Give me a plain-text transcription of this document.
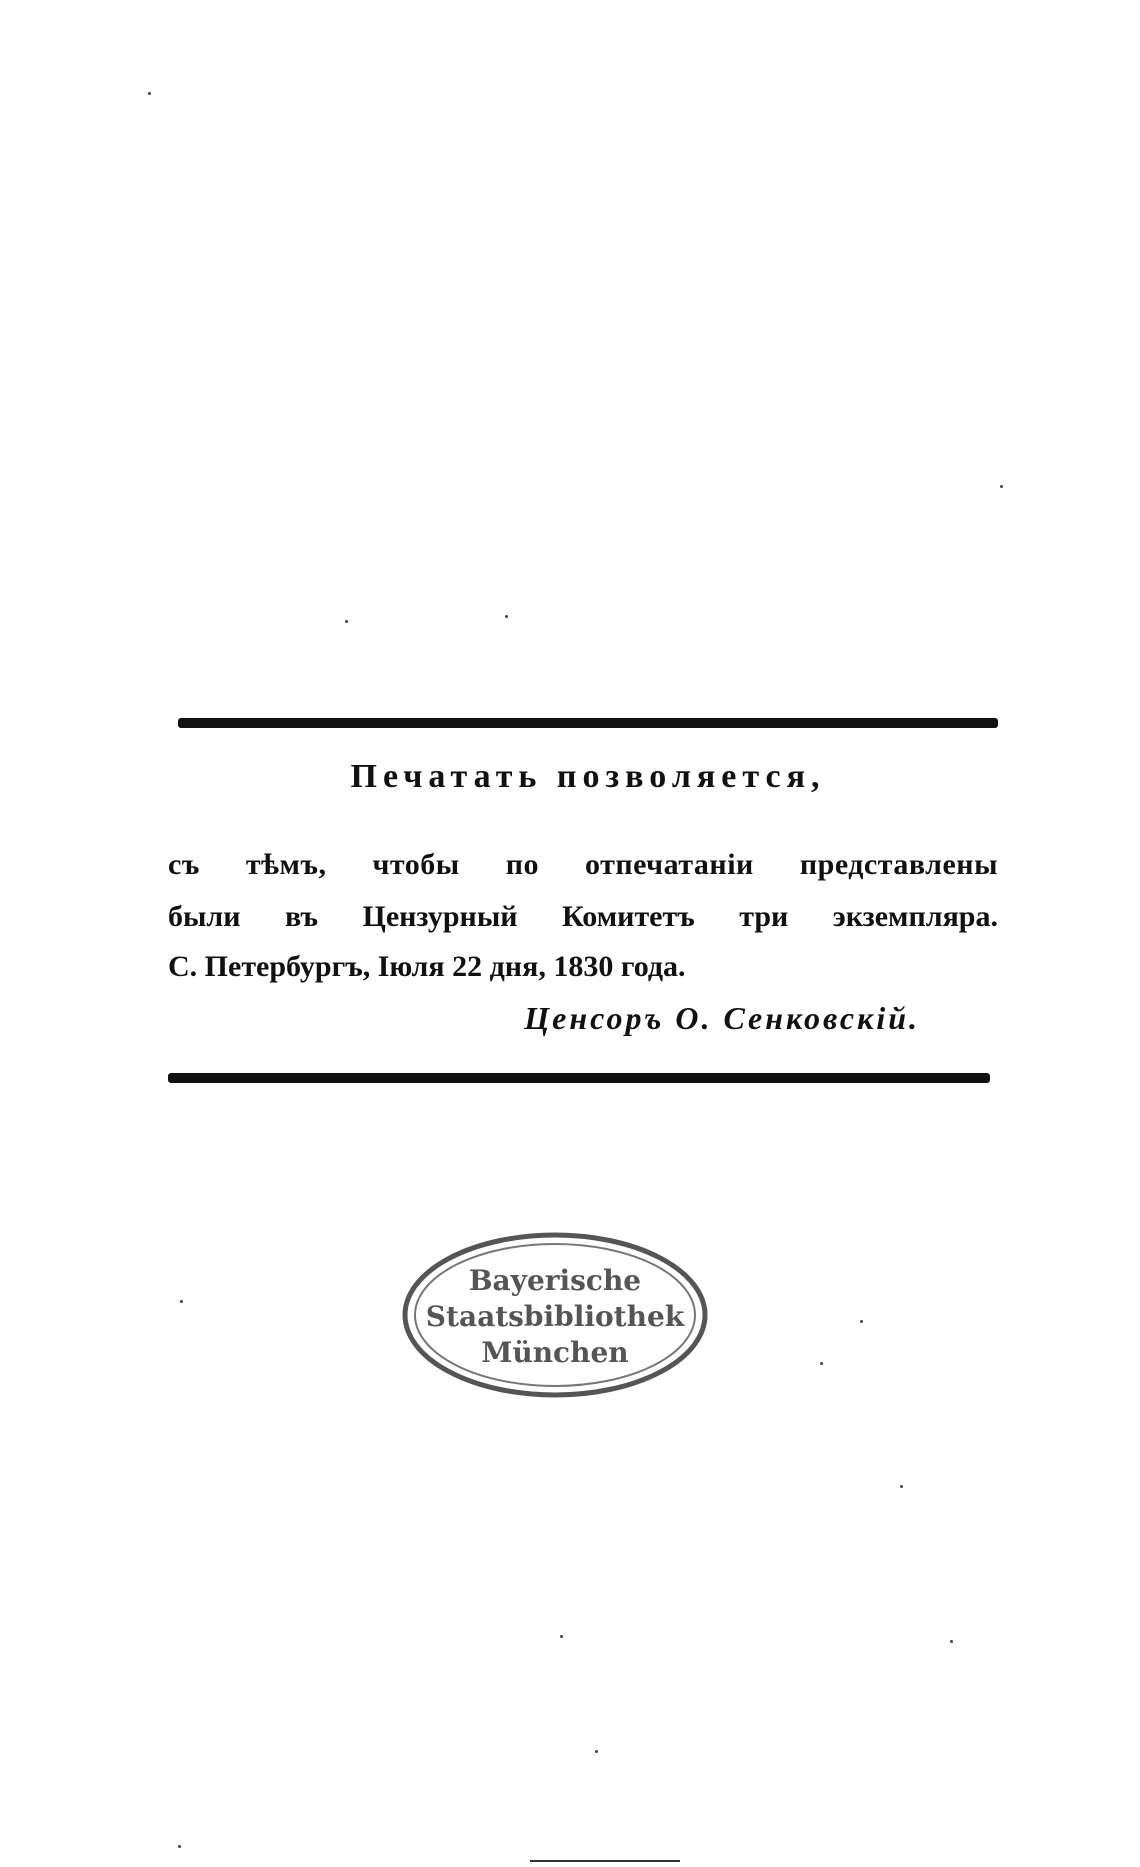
Печатать позволяется,
съ тѣмъ, чтобы по отпечатаніи представлены
были въ Цензурный Комитетъ три экземпляра.
С. Петербургъ, Іюля 22 дня, 1830 года.
Ценсоръ О. Сенковскій.
Bayerische
Staatsbibliothek
München
